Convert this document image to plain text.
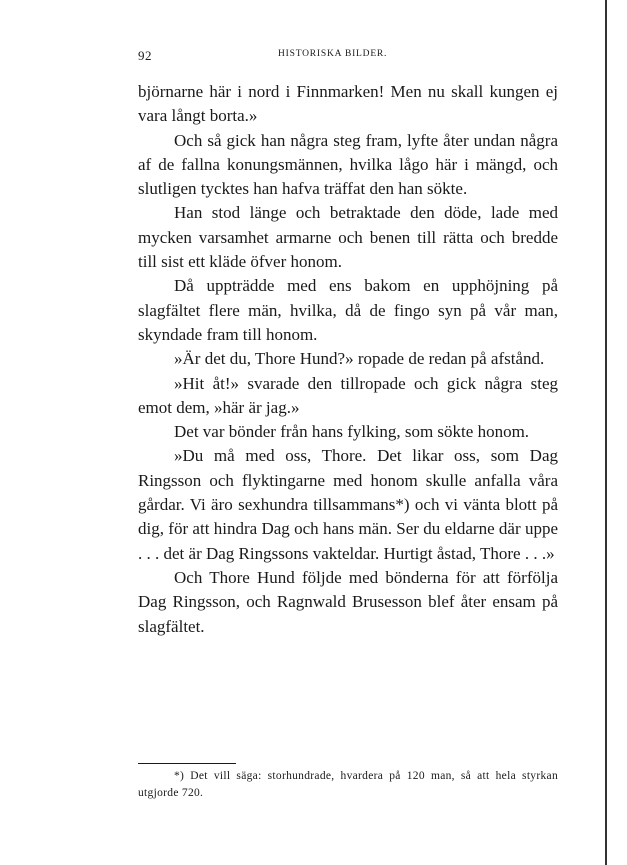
92	HISTORISKA BILDER.

björnarne här i nord i Finnmarken! Men nu skall kungen ej vara långt borta.»

Och så gick han några steg fram, lyfte åter undan några af de fallna konungsmännen, hvilka lågo här i mängd, och slutligen tycktes han hafva träffat den han sökte.

Han stod länge och betraktade den döde, lade med mycken varsamhet armarne och benen till rätta och bredde till sist ett kläde öfver honom.

Då uppträdde med ens bakom en upphöjning på slagfältet flere män, hvilka, då de fingo syn på vår man, skyndade fram till honom.

»Är det du, Thore Hund?» ropade de redan på afstånd.

»Hit åt!» svarade den tillropade och gick några steg emot dem, »här är jag.»

Det var bönder från hans fylking, som sökte honom.

»Du må med oss, Thore. Det likar oss, som Dag Ringsson och flyktingarne med honom skulle anfalla våra gårdar. Vi äro sexhundra tillsammans*) och vi vänta blott på dig, för att hindra Dag och hans män. Ser du eldarne där uppe . . . det är Dag Ringssons vakteldar. Hurtigt åstad, Thore . . .»

Och Thore Hund följde med bönderna för att förfölja Dag Ringsson, och Ragnwald Brusesson blef åter ensam på slagfältet.

*) Det vill säga: storhundrade, hvardera på 120 man, så att hela styrkan utgjorde 720.
